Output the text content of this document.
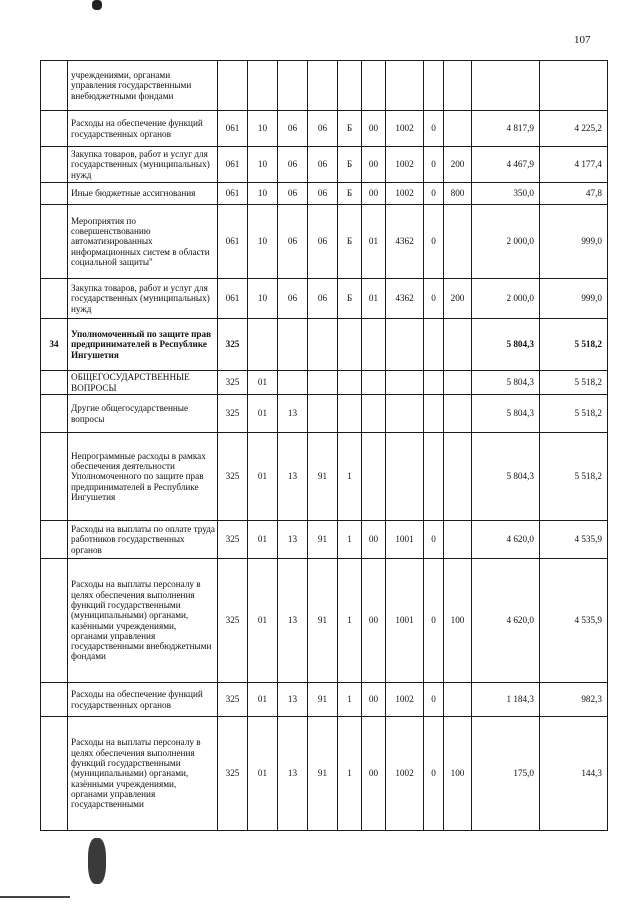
107
	учреждениями, органами управления государственными внебюджетными фондами											
	Расходы на обеспечение функций государственных органов	061	10	06	06	Б	00	1002	0		4 817,9	4 225,2
	Закупка товаров, работ и услуг для государственных (муниципальных) нужд	061	10	06	06	Б	00	1002	0	200	4 467,9	4 177,4
	Иные бюджетные ассигнования	061	10	06	06	Б	00	1002	0	800	350,0	47,8
	Мероприятия по совершенствованию автоматизированных информационных систем в области социальной защиты"	061	10	06	06	Б	01	4362	0		2 000,0	999,0
	Закупка товаров, работ и услуг для государственных (муниципальных) нужд	061	10	06	06	Б	01	4362	0	200	2 000,0	999,0
34	Уполномоченный по защите прав предпринимателей в Республике Ингушетия	325									5 804,3	5 518,2
	ОБЩЕГОСУДАРСТВЕННЫЕ ВОПРОСЫ	325	01								5 804,3	5 518,2
	Другие общегосударственные вопросы	325	01	13							5 804,3	5 518,2
	Непрограммные расходы в рамках обеспечения деятельности Уполномоченного по защите прав предпринимателей в Республике Ингушетия	325	01	13	91	1					5 804,3	5 518,2
	Расходы на выплаты по оплате труда работников государственных органов	325	01	13	91	1	00	1001	0		4 620,0	4 535,9
	Расходы на выплаты персоналу в целях обеспечения выполнения функций государственными (муниципальными) органами, казёнными учреждениями, органами управления государственными внебюджетными фондами	325	01	13	91	1	00	1001	0	100	4 620,0	4 535,9
	Расходы на обеспечение функций государственных органов	325	01	13	91	1	00	1002	0		1 184,3	982,3
	Расходы на выплаты персоналу в целях обеспечения выполнения функций государственными (муниципальными) органами, казёнными учреждениями, органами управления государственными	325	01	13	91	1	00	1002	0	100	175,0	144,3
